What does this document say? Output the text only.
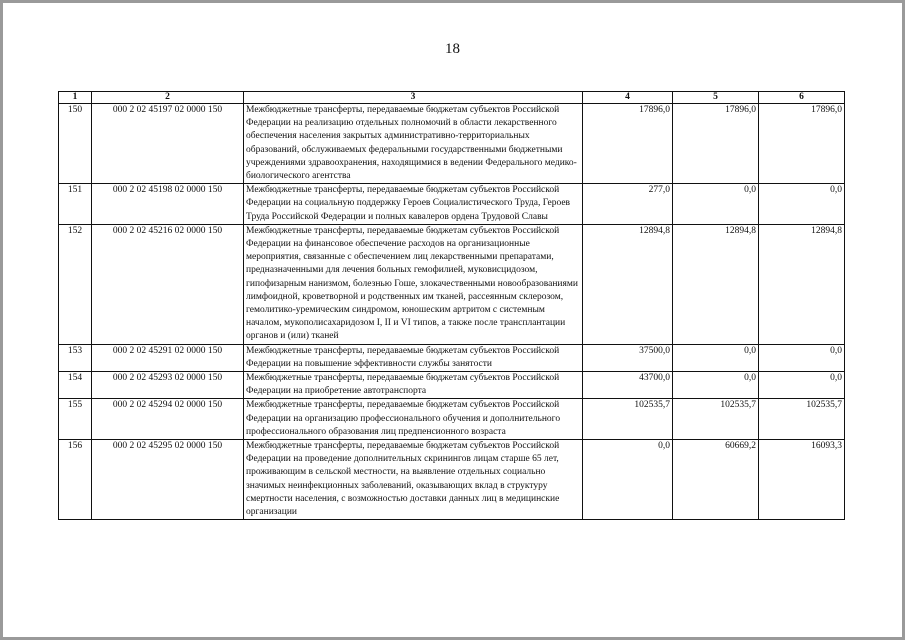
18
1	2	3	4	5	6
150	000 2 02 45197 02 0000 150	Межбюджетные трансферты, передаваемые бюджетам субъектов Российской Федерации на реализацию отдельных полномочий в области лекарственного обеспечения населения закрытых административно-территориальных образований, обслуживаемых федеральными государственными бюджетными учреждениями здравоохранения, находящимися в ведении Федерального медико-биологического агентства	17896,0	17896,0	17896,0
151	000 2 02 45198 02 0000 150	Межбюджетные трансферты, передаваемые бюджетам субъектов Российской Федерации на социальную поддержку Героев Социалистического Труда, Героев Труда Российской Федерации и полных кавалеров ордена Трудовой Славы	277,0	0,0	0,0
152	000 2 02 45216 02 0000 150	Межбюджетные трансферты, передаваемые бюджетам субъектов Российской Федерации на финансовое обеспечение расходов на организационные мероприятия, связанные с обеспечением лиц лекарственными препаратами, предназначенными для лечения больных гемофилией, муковисцидозом, гипофизарным нанизмом, болезнью Гоше, злокачественными новообразованиями лимфоидной, кроветворной и родственных им тканей, рассеянным склерозом, гемолитико-уремическим синдромом, юношеским артритом с системным началом, мукополисахаридозом I, II и VI типов, а также после трансплантации органов и (или) тканей	12894,8	12894,8	12894,8
153	000 2 02 45291 02 0000 150	Межбюджетные трансферты, передаваемые бюджетам субъектов Российской Федерации на повышение эффективности службы занятости	37500,0	0,0	0,0
154	000 2 02 45293 02 0000 150	Межбюджетные трансферты, передаваемые бюджетам субъектов Российской Федерации на приобретение автотранспорта	43700,0	0,0	0,0
155	000 2 02 45294 02 0000 150	Межбюджетные трансферты, передаваемые бюджетам субъектов Российской Федерации на организацию профессионального обучения и дополнительного профессионального образования лиц предпенсионного возраста	102535,7	102535,7	102535,7
156	000 2 02 45295 02 0000 150	Межбюджетные трансферты, передаваемые бюджетам субъектов Российской Федерации на проведение дополнительных скринингов лицам старше 65 лет, проживающим в сельской местности, на выявление отдельных социально значимых неинфекционных заболеваний, оказывающих вклад в структуру смертности населения, с возможностью доставки данных лиц в медицинские организации	0,0	60669,2	16093,3
